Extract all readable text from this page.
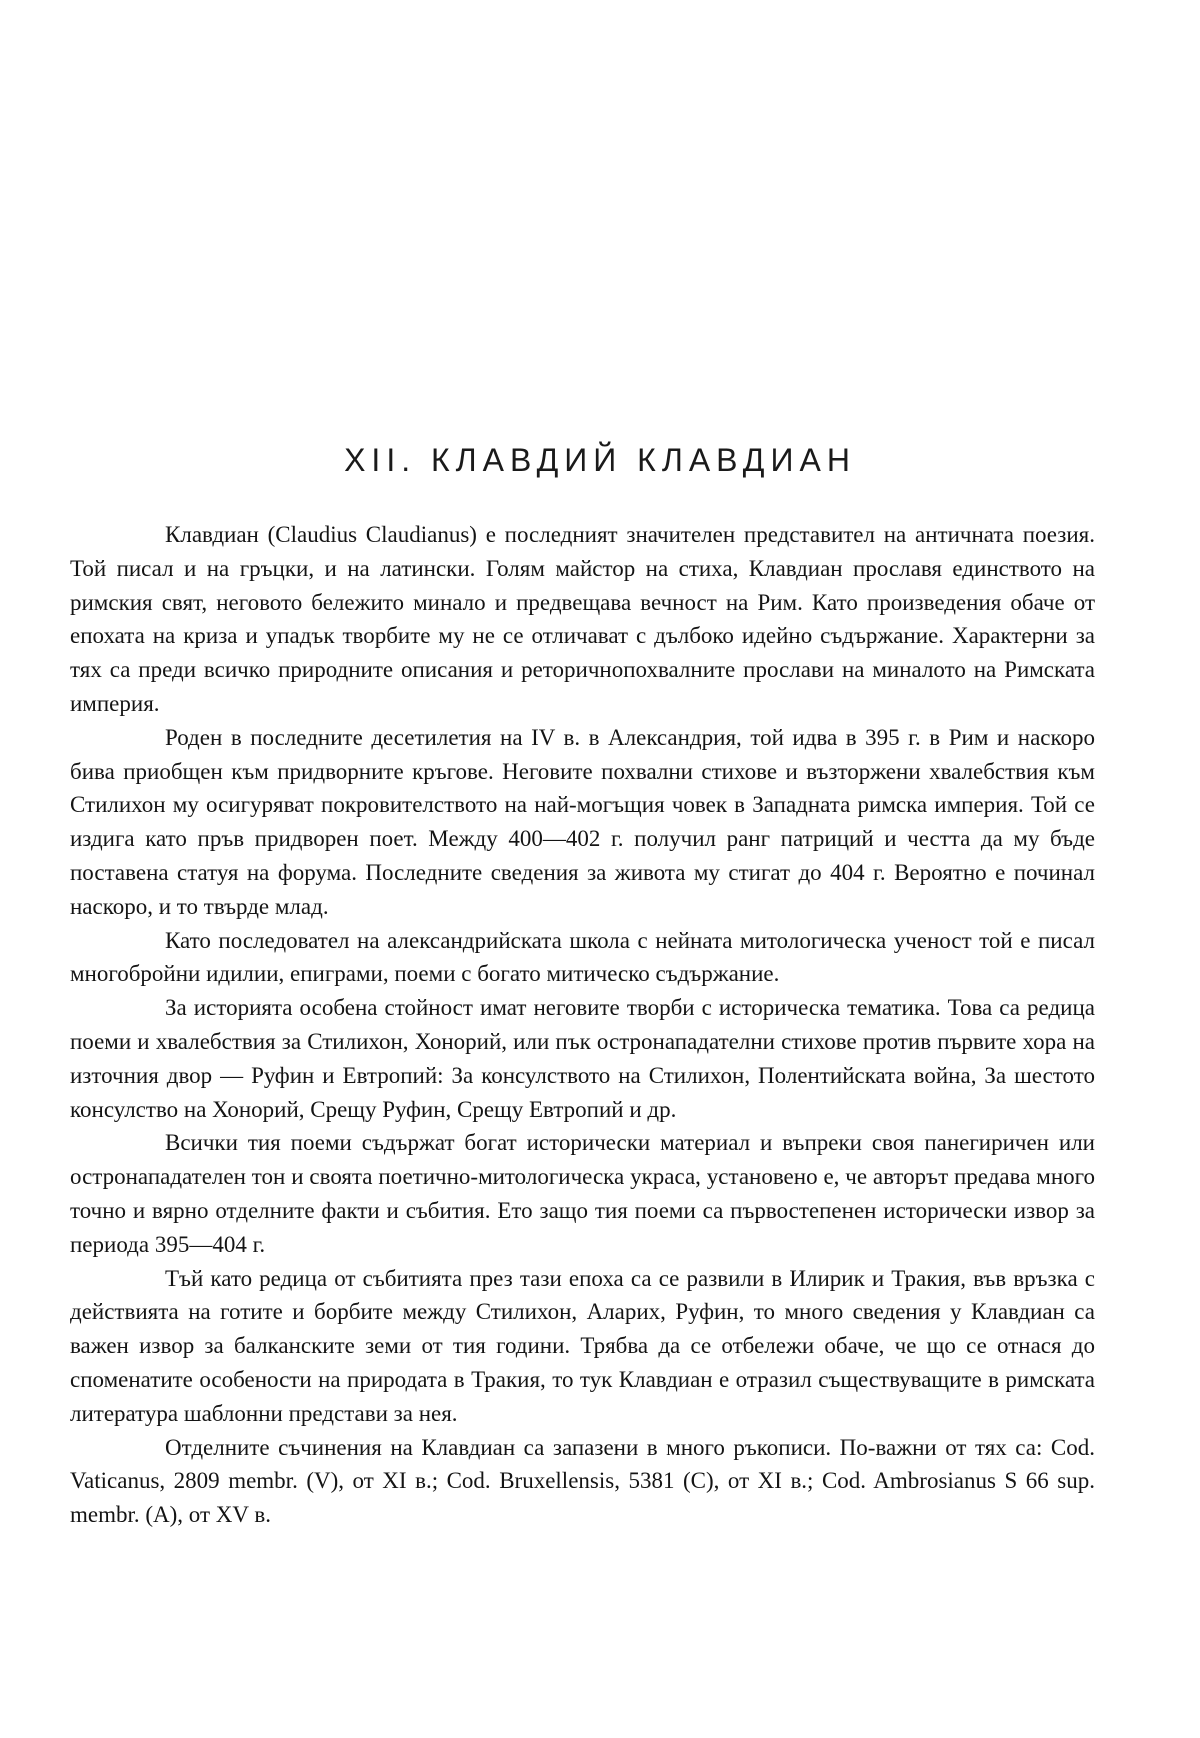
XII. КЛАВДИЙ КЛАВДИАН

Клавдиан (Claudius Claudianus) е последният значителен представител на античната поезия. Той писал и на гръцки, и на латински. Голям майстор на стиха, Клавдиан прославя единството на римския свят, неговото бележито минало и предвещава вечност на Рим. Като произведения обаче от епохата на криза и упадък творбите му не се отличават с дълбоко идейно съдържание. Характерни за тях са преди всичко природните описания и реторичнопохвалните прослави на миналото на Римската империя.

Роден в последните десетилетия на IV в. в Александрия, той идва в 395 г. в Рим и наскоро бива приобщен към придворните кръгове. Неговите похвални стихове и възторжени хвалебствия към Стилихон му осигуряват покровителството на най-могъщия човек в Западната римска империя. Той се издига като пръв придворен поет. Между 400—402 г. получил ранг патриций и честта да му бъде поставена статуя на форума. Последните сведения за живота му стигат до 404 г. Вероятно е починал наскоро, и то твърде млад.

Като последовател на александрийската школа с нейната митологическа ученост той е писал многобройни идилии, епиграми, поеми с богато митическо съдържание.

За историята особена стойност имат неговите творби с историческа тематика. Това са редица поеми и хвалебствия за Стилихон, Хонорий, или пък остронападателни стихове против първите хора на източния двор — Руфин и Евтропий: За консулството на Стилихон, Полентийската война, За шестото консулство на Хонорий, Срещу Руфин, Срещу Евтропий и др.

Всички тия поеми съдържат богат исторически материал и въпреки своя панегиричен или остронападателен тон и своята поетично-митологическа украса, установено е, че авторът предава много точно и вярно отделните факти и събития. Ето защо тия поеми са първостепенен исторически извор за периода 395—404 г.

Тъй като редица от събитията през тази епоха са се развили в Илирик и Тракия, във връзка с действията на готите и борбите между Стилихон, Аларих, Руфин, то много сведения у Клавдиан са важен извор за балканските земи от тия години. Трябва да се отбележи обаче, че що се отнася до споменатите особености на природата в Тракия, то тук Клавдиан е отразил съществуващите в римската литература шаблонни представи за нея.

Отделните съчинения на Клавдиан са запазени в много ръкописи. По-важни от тях са: Cod. Vaticanus, 2809 membr. (V), от XI в.; Cod. Bruxellensis, 5381 (C), от XI в.; Cod. Ambrosianus S 66 sup. membr. (A), от XV в.
